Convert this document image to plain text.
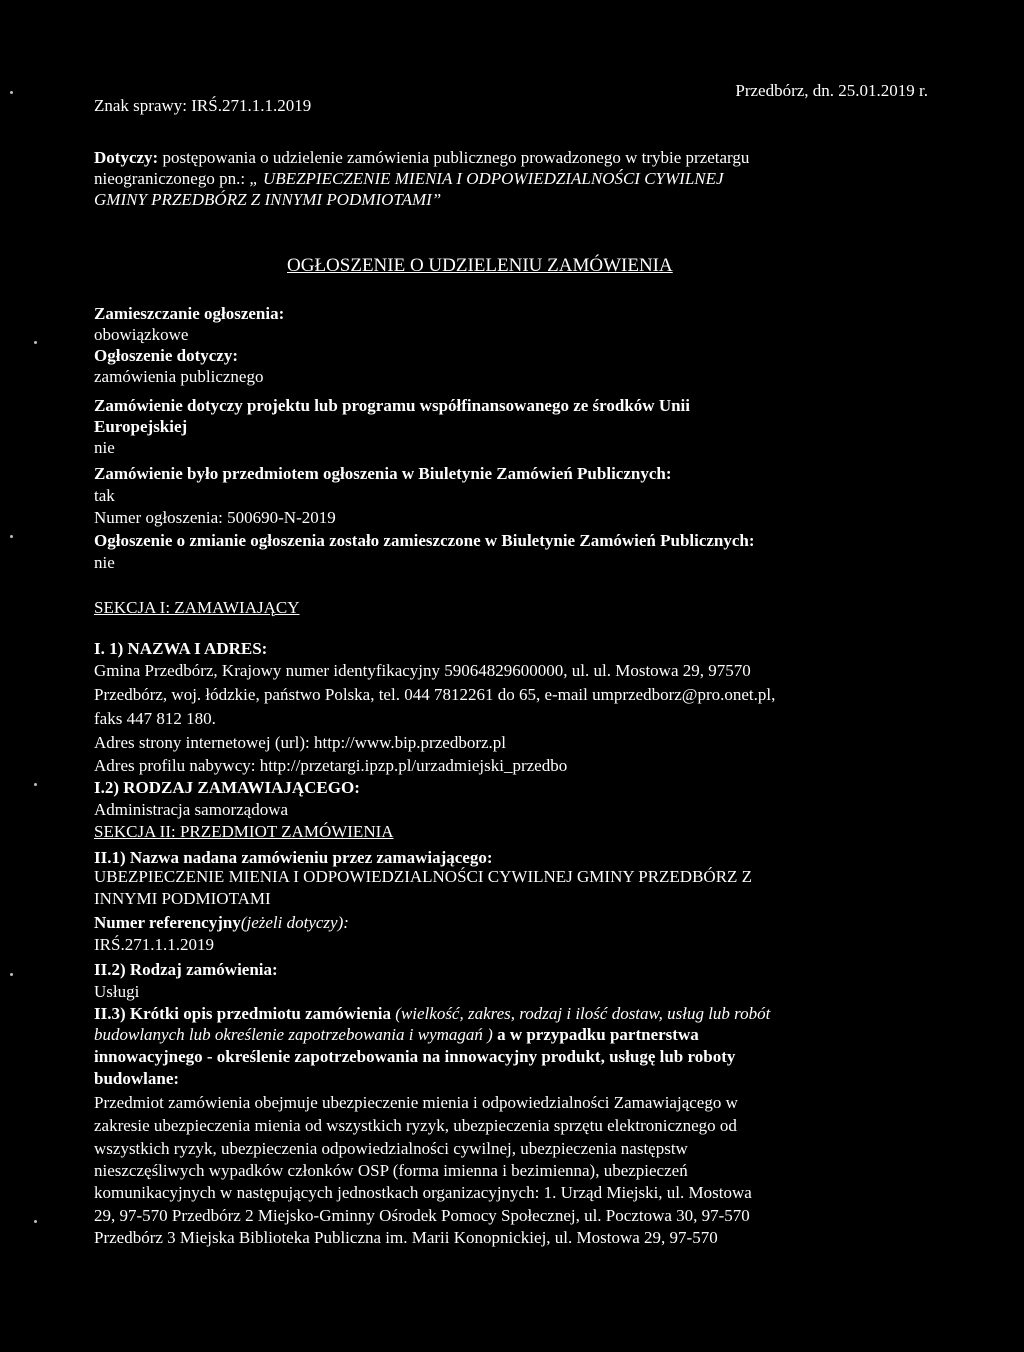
Znak sprawy: IRŚ.271.1.1.2019
Przedbórz, dn. 25.01.2019 r.
Dotyczy: postępowania o udzielenie zamówienia publicznego prowadzonego w trybie przetargu
nieograniczonego pn.: „ UBEZPIECZENIE MIENIA I ODPOWIEDZIALNOŚCI CYWILNEJ
GMINY PRZEDBÓRZ Z INNYMI PODMIOTAMI”
OGŁOSZENIE O UDZIELENIU ZAMÓWIENIA
Zamieszczanie ogłoszenia:
obowiązkowe
Ogłoszenie dotyczy:
zamówienia publicznego
Zamówienie dotyczy projektu lub programu współfinansowanego ze środków Unii
Europejskiej
nie
Zamówienie było przedmiotem ogłoszenia w Biuletynie Zamówień Publicznych:
tak
Numer ogłoszenia: 500690-N-2019
Ogłoszenie o zmianie ogłoszenia zostało zamieszczone w Biuletynie Zamówień Publicznych:
nie
SEKCJA I: ZAMAWIAJĄCY
I. 1) NAZWA I ADRES:
Gmina Przedbórz, Krajowy numer identyfikacyjny 59064829600000, ul. ul. Mostowa 29, 97570
Przedbórz, woj. łódzkie, państwo Polska, tel. 044 7812261 do 65, e-mail umprzedborz@pro.onet.pl,
faks 447 812 180.
Adres strony internetowej (url): http://www.bip.przedborz.pl
Adres profilu nabywcy: http://przetargi.ipzp.pl/urzadmiejski_przedbo
I.2) RODZAJ ZAMAWIAJĄCEGO:
Administracja samorządowa
SEKCJA II: PRZEDMIOT ZAMÓWIENIA
II.1) Nazwa nadana zamówieniu przez zamawiającego:
UBEZPIECZENIE MIENIA I ODPOWIEDZIALNOŚCI CYWILNEJ GMINY PRZEDBÓRZ Z
INNYMI PODMIOTAMI
Numer referencyjny(jeżeli dotyczy):
IRŚ.271.1.1.2019
II.2) Rodzaj zamówienia:
Usługi
II.3) Krótki opis przedmiotu zamówienia (wielkość, zakres, rodzaj i ilość dostaw, usług lub robót
budowlanych lub określenie zapotrzebowania i wymagań ) a w przypadku partnerstwa
innowacyjnego - określenie zapotrzebowania na innowacyjny produkt, usługę lub roboty
budowlane:
Przedmiot zamówienia obejmuje ubezpieczenie mienia i odpowiedzialności Zamawiającego w
zakresie ubezpieczenia mienia od wszystkich ryzyk, ubezpieczenia sprzętu elektronicznego od
wszystkich ryzyk, ubezpieczenia odpowiedzialności cywilnej, ubezpieczenia następstw
nieszczęśliwych wypadków członków OSP (forma imienna i bezimienna), ubezpieczeń
komunikacyjnych w następujących jednostkach organizacyjnych: 1. Urząd Miejski, ul. Mostowa
29, 97-570 Przedbórz 2 Miejsko-Gminny Ośrodek Pomocy Społecznej, ul. Pocztowa 30, 97-570
Przedbórz 3 Miejska Biblioteka Publiczna im. Marii Konopnickiej, ul. Mostowa 29, 97-570
